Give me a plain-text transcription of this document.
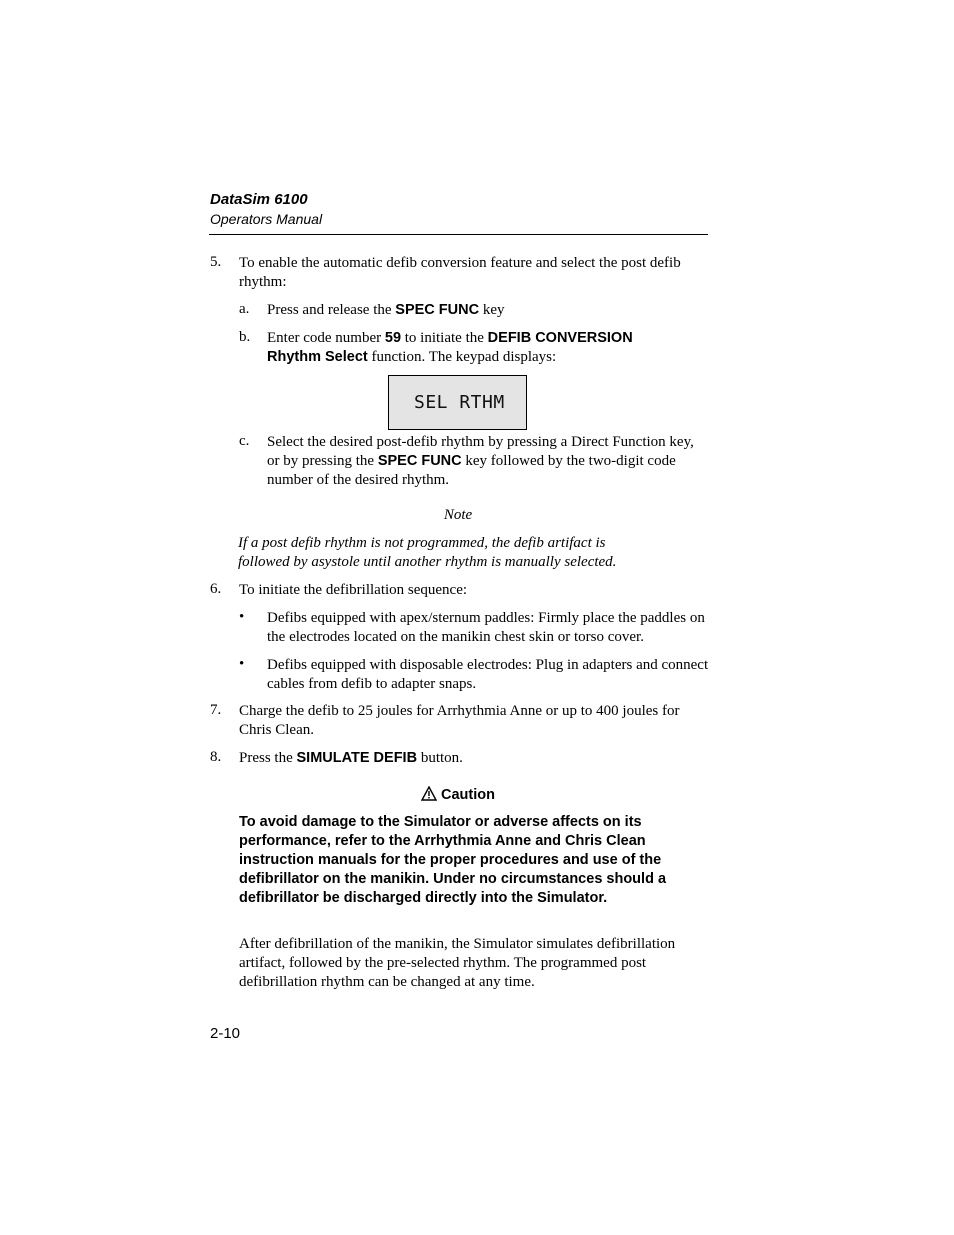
DataSim 6100
Operators Manual
5. To enable the automatic defib conversion feature and select the post defib rhythm:
a. Press and release the SPEC FUNC key
b. Enter code number 59 to initiate the DEFIB CONVERSION Rhythm Select function. The keypad displays:
SEL RTHM
c. Select the desired post-defib rhythm by pressing a Direct Function key, or by pressing the SPEC FUNC key followed by the two-digit code number of the desired rhythm.
Note
If a post defib rhythm is not programmed, the defib artifact is followed by asystole until another rhythm is manually selected.
6. To initiate the defibrillation sequence:
• Defibs equipped with apex/sternum paddles: Firmly place the paddles on the electrodes located on the manikin chest skin or torso cover.
• Defibs equipped with disposable electrodes: Plug in adapters and connect cables from defib to adapter snaps.
7. Charge the defib to 25 joules for Arrhythmia Anne or up to 400 joules for Chris Clean.
8. Press the SIMULATE DEFIB button.
Caution
To avoid damage to the Simulator or adverse affects on its performance, refer to the Arrhythmia Anne and Chris Clean instruction manuals for the proper procedures and use of the defibrillator on the manikin. Under no circumstances should a defibrillator be discharged directly into the Simulator.
After defibrillation of the manikin, the Simulator simulates defibrillation artifact, followed by the pre-selected rhythm. The programmed post defibrillation rhythm can be changed at any time.
2-10
